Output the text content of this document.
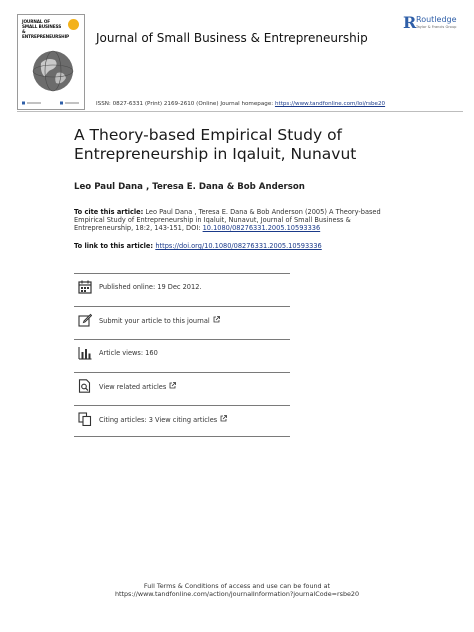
JOURNAL OF
SMALL BUSINESS
& ENTREPRENEURSHIP Journal of Small Business & Entrepreneurship
R Routledge
Taylor & Francis Group
ISSN: 0827-6331 (Print) 2169-2610 (Online) Journal homepage: https://www.tandfonline.com/loi/rsbe20
A Theory-based Empirical Study of Entrepreneurship in Iqaluit, Nunavut
Leo Paul Dana , Teresa E. Dana & Bob Anderson
To cite this article: Leo Paul Dana , Teresa E. Dana & Bob Anderson (2005) A Theory-based Empirical Study of Entrepreneurship in Iqaluit, Nunavut, Journal of Small Business & Entrepreneurship, 18:2, 143-151, DOI: 10.1080/08276331.2005.10593336
To link to this article: https://doi.org/10.1080/08276331.2005.10593336
Published online: 19 Dec 2012.
Submit your article to this journal
Article views: 160
View related articles
Citing articles: 3 View citing articles
Full Terms & Conditions of access and use can be found at
https://www.tandfonline.com/action/journalInformation?journalCode=rsbe20
